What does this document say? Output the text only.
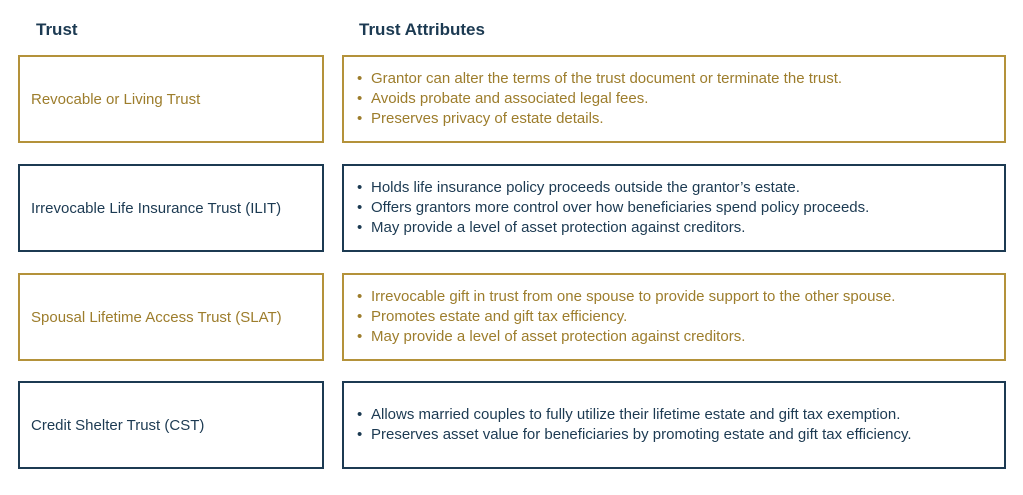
Trust	Trust Attributes
Revocable or Living Trust
• Grantor can alter the terms of the trust document or terminate the trust.
• Avoids probate and associated legal fees.
• Preserves privacy of estate details.
Irrevocable Life Insurance Trust (ILIT)
• Holds life insurance policy proceeds outside the grantor’s estate.
• Offers grantors more control over how beneficiaries spend policy proceeds.
• May provide a level of asset protection against creditors.
Spousal Lifetime Access Trust (SLAT)
• Irrevocable gift in trust from one spouse to provide support to the other spouse.
• Promotes estate and gift tax efficiency.
• May provide a level of asset protection against creditors.
Credit Shelter Trust (CST)
• Allows married couples to fully utilize their lifetime estate and gift tax exemption.
• Preserves asset value for beneficiaries by promoting estate and gift tax efficiency.
